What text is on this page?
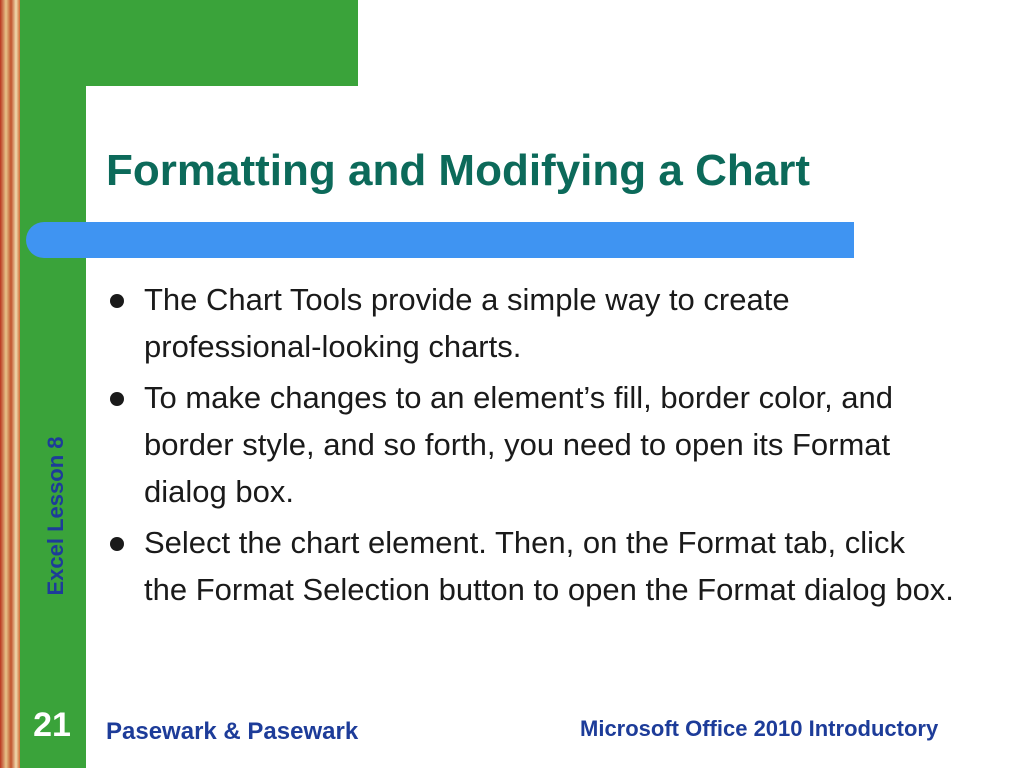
Formatting and Modifying a Chart
The Chart Tools provide a simple way to create professional-looking charts.
To make changes to an element’s fill, border color, and border style, and so forth, you need to open its Format dialog box.
Select the chart element. Then, on the Format tab, click the Format Selection button to open the Format dialog box.
Excel Lesson 8
21	Pasewark & Pasewark	Microsoft Office 2010 Introductory
